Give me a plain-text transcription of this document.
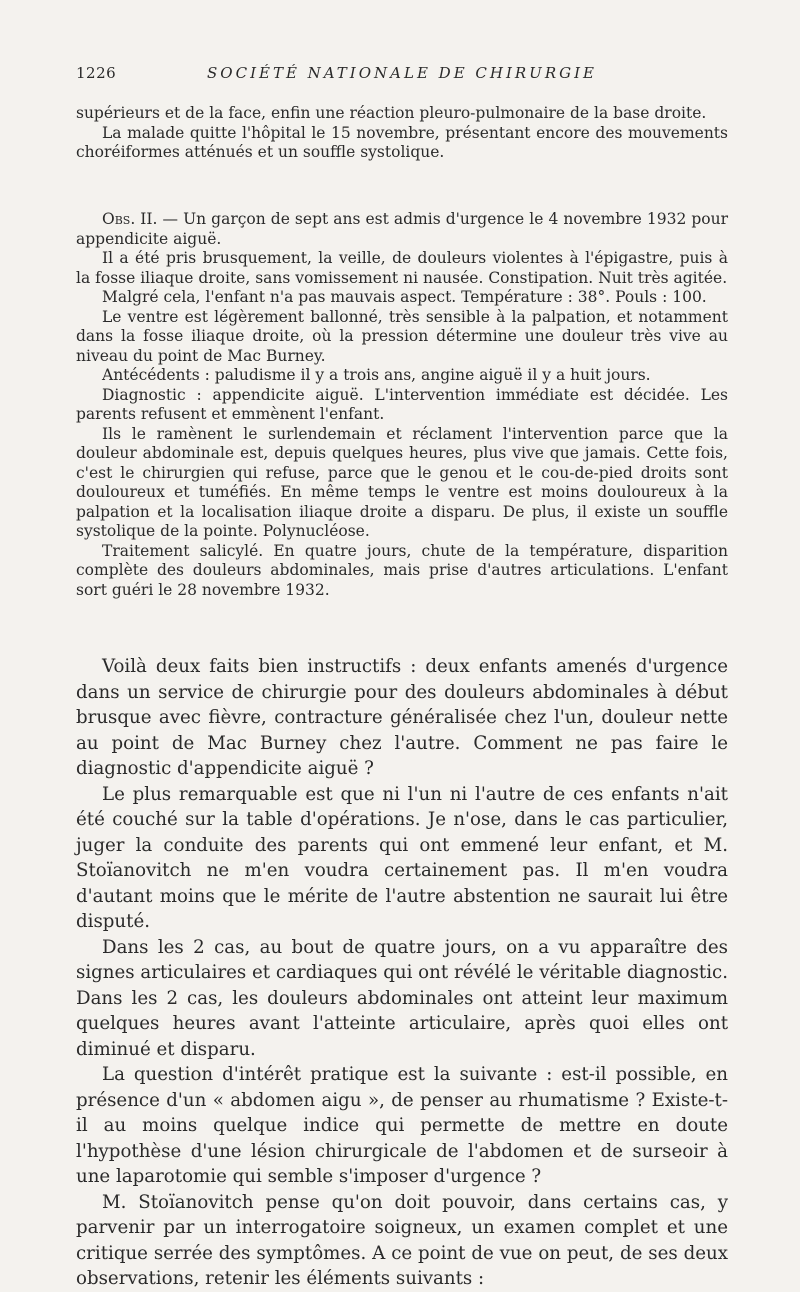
1226	SOCIÉTÉ NATIONALE DE CHIRURGIE

supérieurs et de la face, enfin une réaction pleuro-pulmonaire de la base droite.

La malade quitte l'hôpital le 15 novembre, présentant encore des mouvements choréiformes atténués et un souffle systolique.

Obs. II. — Un garçon de sept ans est admis d'urgence le 4 novembre 1932 pour appendicite aiguë.

Il a été pris brusquement, la veille, de douleurs violentes à l'épigastre, puis à la fosse iliaque droite, sans vomissement ni nausée. Constipation. Nuit très agitée.

Malgré cela, l'enfant n'a pas mauvais aspect. Température : 38°. Pouls : 100.

Le ventre est légèrement ballonné, très sensible à la palpation, et notamment dans la fosse iliaque droite, où la pression détermine une douleur très vive au niveau du point de Mac Burney.

Antécédents : paludisme il y a trois ans, angine aiguë il y a huit jours.

Diagnostic : appendicite aiguë. L'intervention immédiate est décidée. Les parents refusent et emmènent l'enfant.

Ils le ramènent le surlendemain et réclament l'intervention parce que la douleur abdominale est, depuis quelques heures, plus vive que jamais. Cette fois, c'est le chirurgien qui refuse, parce que le genou et le cou-de-pied droits sont douloureux et tuméfiés. En même temps le ventre est moins douloureux à la palpation et la localisation iliaque droite a disparu. De plus, il existe un souffle systolique de la pointe. Polynucléose.

Traitement salicylé. En quatre jours, chute de la température, disparition complète des douleurs abdominales, mais prise d'autres articulations. L'enfant sort guéri le 28 novembre 1932.

Voilà deux faits bien instructifs : deux enfants amenés d'urgence dans un service de chirurgie pour des douleurs abdominales à début brusque avec fièvre, contracture généralisée chez l'un, douleur nette au point de Mac Burney chez l'autre. Comment ne pas faire le diagnostic d'appendicite aiguë ?

Le plus remarquable est que ni l'un ni l'autre de ces enfants n'ait été couché sur la table d'opérations. Je n'ose, dans le cas particulier, juger la conduite des parents qui ont emmené leur enfant, et M. Stoïanovitch ne m'en voudra certainement pas. Il m'en voudra d'autant moins que le mérite de l'autre abstention ne saurait lui être disputé.

Dans les 2 cas, au bout de quatre jours, on a vu apparaître des signes articulaires et cardiaques qui ont révélé le véritable diagnostic. Dans les 2 cas, les douleurs abdominales ont atteint leur maximum quelques heures avant l'atteinte articulaire, après quoi elles ont diminué et disparu.

La question d'intérêt pratique est la suivante : est-il possible, en présence d'un « abdomen aigu », de penser au rhumatisme ? Existe-t-il au moins quelque indice qui permette de mettre en doute l'hypothèse d'une lésion chirurgicale de l'abdomen et de surseoir à une laparotomie qui semble s'imposer d'urgence ?

M. Stoïanovitch pense qu'on doit pouvoir, dans certains cas, y parvenir par un interrogatoire soigneux, un examen complet et une critique serrée des symptômes. A ce point de vue on peut, de ses deux observations, retenir les éléments suivants :
